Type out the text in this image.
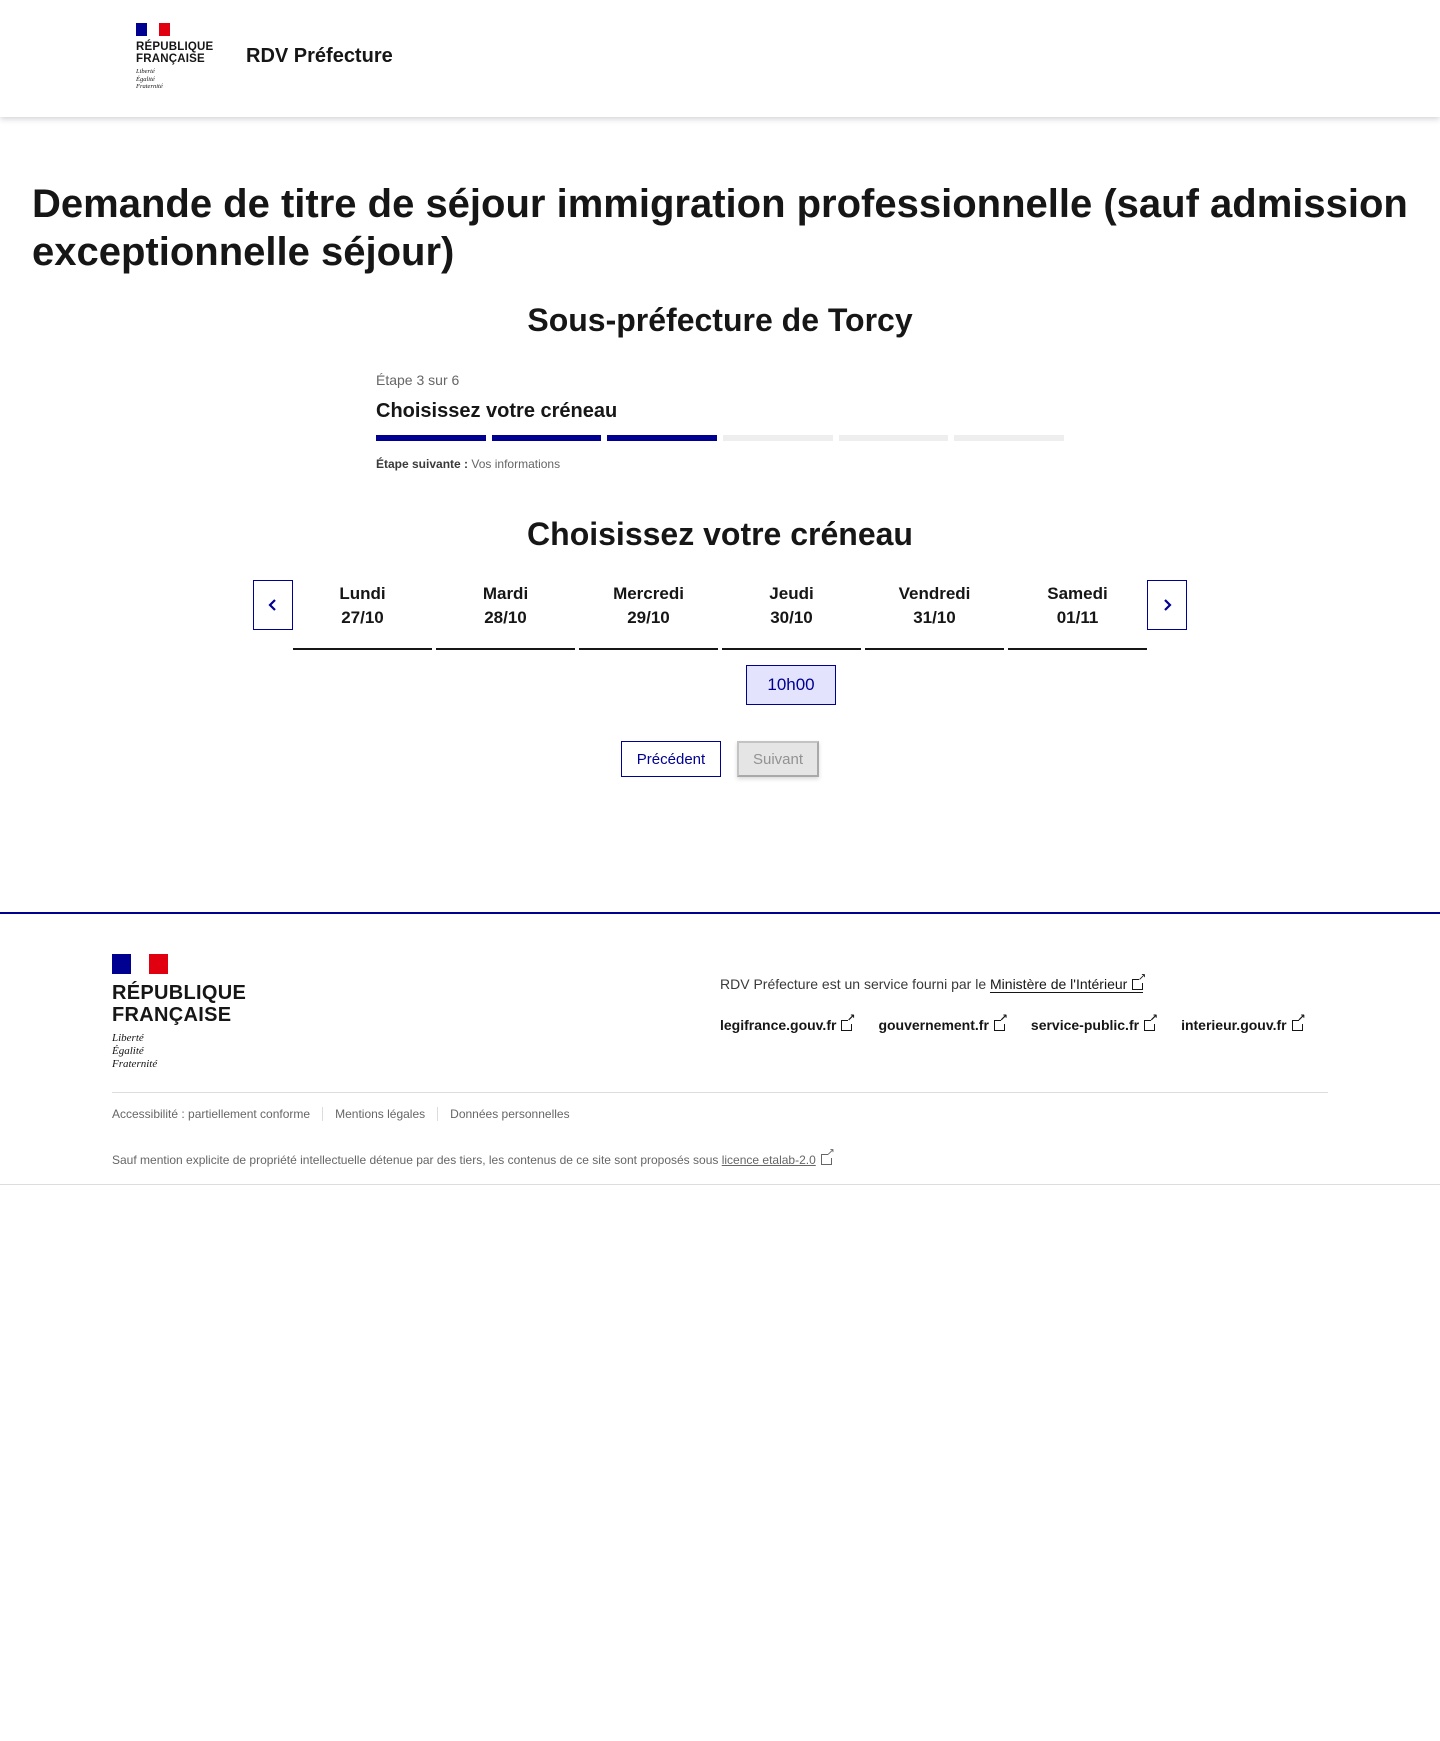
RÉPUBLIQUE
FRANÇAISE
Liberté
Égalité
Fraternité
RDV Préfecture
Demande de titre de séjour immigration professionnelle (sauf admission exceptionnelle séjour)
Sous-préfecture de Torcy
Étape 3 sur 6
Choisissez votre créneau
Étape suivante : Vos informations
Choisissez votre créneau
Lundi
27/10
Mardi
28/10
Mercredi
29/10
Jeudi
30/10
Vendredi
31/10
Samedi
01/11
10h00
Précédent	Suivant
RÉPUBLIQUE
FRANÇAISE
Liberté
Égalité
Fraternité
RDV Préfecture est un service fourni par le Ministère de l'Intérieur↗
legifrance.gouv.fr ↗	gouvernement.fr ↗	service-public.fr ↗	interieur.gouv.fr↗
Accessibilité : partiellement conforme	Mentions légales	Données personnelles
Sauf mention explicite de propriété intellectuelle détenue par des tiers, les contenus de ce site sont proposés sous licence etalab-2.0↗
